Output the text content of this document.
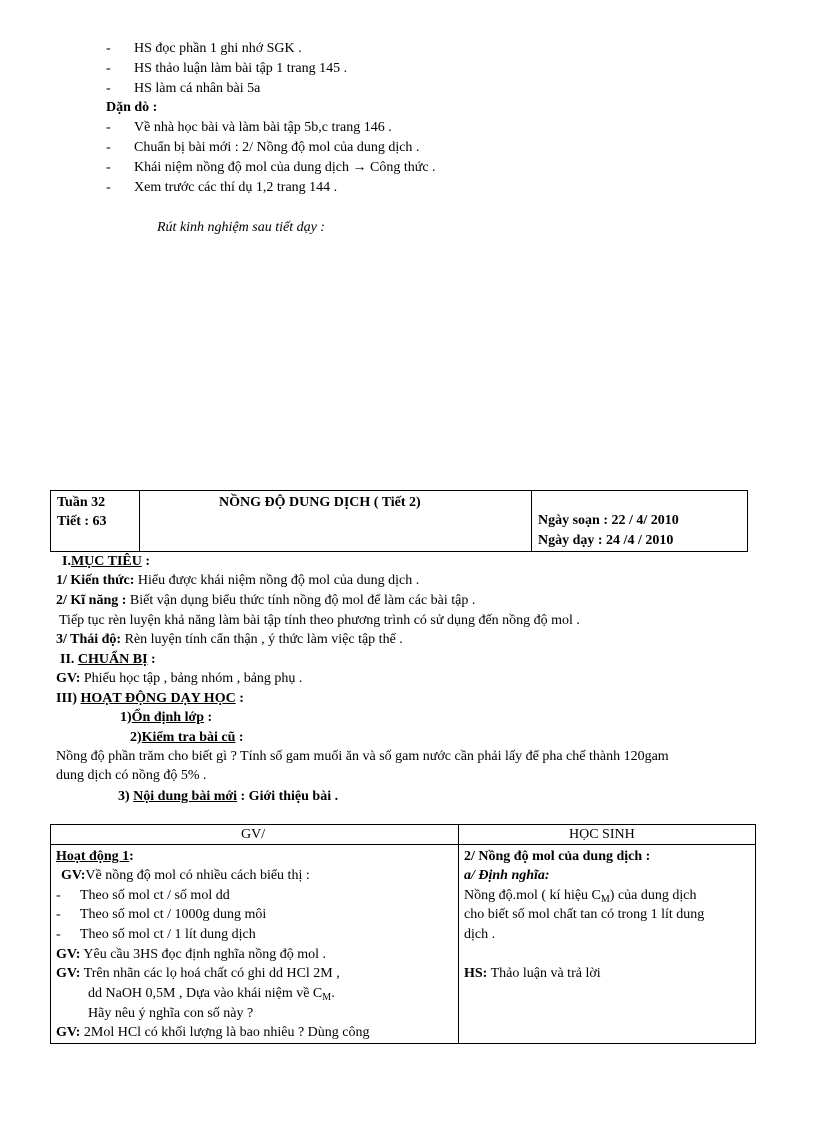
- HS đọc phần 1 ghi nhớ SGK .
- HS thảo luận làm bài tập 1 trang 145 .
- HS làm cá nhân bài 5a
Dặn dò :
- Về nhà học bài và làm bài tập 5b,c trang 146 .
- Chuẩn bị bài mới : 2/ Nồng độ mol của dung dịch .
- Khái niệm nồng độ mol của dung dịch → Công thức .
- Xem trước các thí dụ 1,2 trang 144 .
Rút kinh nghiệm sau tiết dạy :
Tuần 32
Tiết : 63
NỒNG ĐỘ DUNG DỊCH ( Tiết 2)
Ngày soạn : 22 / 4/ 2010
Ngày dạy : 24 /4 / 2010
I.MỤC TIÊU :
1/ Kiến thức: Hiểu được khái niệm nồng độ mol của dung dịch .
2/ Kĩ năng : Biết vận dụng biểu thức tính nồng độ mol để làm các bài tập .
Tiếp tục rèn luyện khả năng làm bài tập tính theo phương trình có sử dụng đến nồng độ mol .
3/ Thái độ: Rèn luyện tính cẩn thận , ý thức làm việc tập thể .
II. CHUẨN BỊ :
GV: Phiếu học tập , bảng nhóm , bảng phụ .
III) HOẠT ĐỘNG DẠY HỌC :
1)Ổn định lớp :
2)Kiểm tra bài cũ :
Nồng độ phần trăm cho biết gì ? Tính số gam muối ăn và số gam nước cần phải lấy để pha chế thành 120gam
dung dịch có nồng độ 5% .
3) Nội dung bài mới : Giới thiệu bài .
GV/	HỌC SINH
Hoạt động 1:
GV:Về nồng độ mol có nhiều cách biểu thị :
- Theo số mol ct / số mol dd
- Theo số mol ct / 1000g dung môi
- Theo số mol ct / 1 lít dung dịch
GV: Yêu cầu 3HS đọc định nghĩa nồng độ mol .
GV: Trên nhãn các lọ hoá chất có ghi dd HCl 2M ,
dd NaOH 0,5M , Dựa vào khái niệm về $C_M$.
Hãy nêu ý nghĩa con số này ?
GV: 2Mol HCl có khối lượng là bao nhiêu ? Dùng công
2/ Nồng độ mol của dung dịch :
a/ Định nghĩa:
Nồng độ.mol ( kí hiệu $C_M$) của dung dịch
cho biết số mol chất tan có trong 1 lít dung
dịch .
HS: Thảo luận và trả lời
